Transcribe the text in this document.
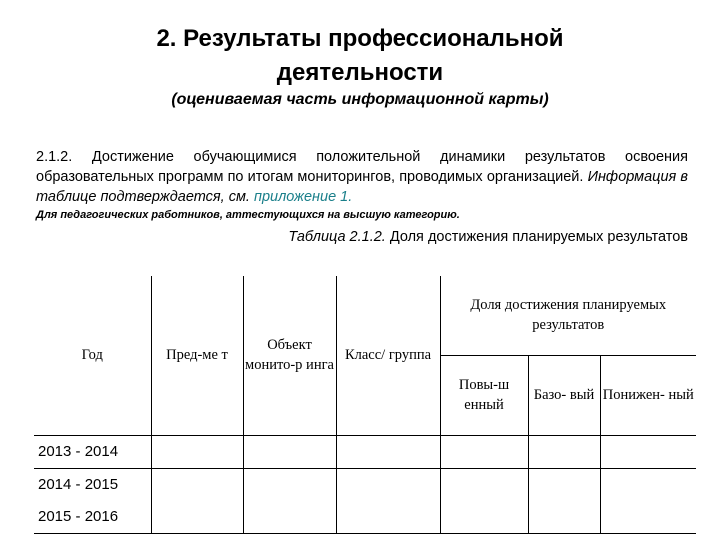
2. Результаты профессиональной
деятельности
(оцениваемая часть информационной карты)
2.1.2. Достижение обучающимися положительной динамики результатов освоения образовательных программ по итогам мониторингов, проводимых организацией. Информация в таблице подтверждается, см. приложение 1.
Для педагогических работников, аттестующихся на высшую категорию.
Таблица 2.1.2. Доля достижения планируемых результатов
Год	Пред-ме т	Объект монито-р инга	Класс/ группа	Доля достижения планируемых результатов		
				Повы-ш енный	Базо- вый	Понижен- ный

2013 - 2014						

2014 - 2015
2015 - 2016						
